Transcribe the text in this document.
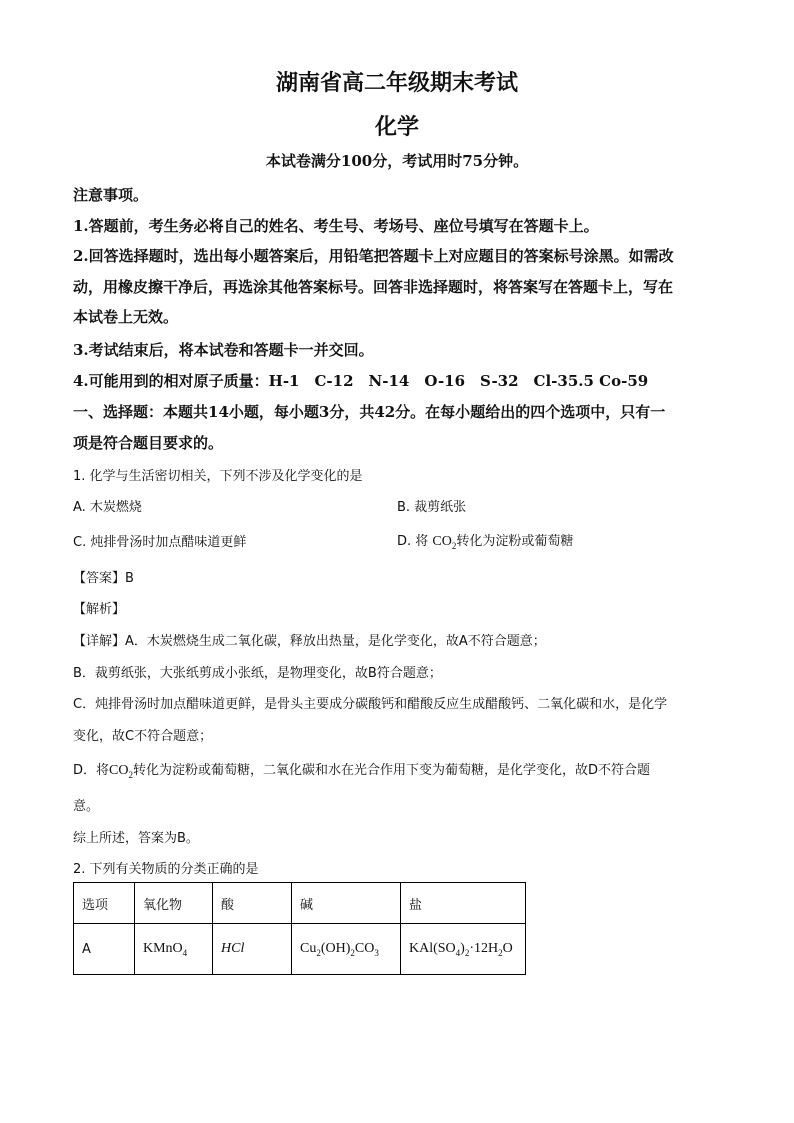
湖南省高二年级期末考试
化学
本试卷满分100分，考试用时75分钟。
注意事项。
1.答题前，考生务必将自己的姓名、考生号、考场号、座位号填写在答题卡上。
2.回答选择题时，选出每小题答案后，用铅笔把答题卡上对应题目的答案标号涂黑。如需改
动，用橡皮擦干净后，再选涂其他答案标号。回答非选择题时，将答案写在答题卡上，写在
本试卷上无效。
3.考试结束后，将本试卷和答题卡一并交回。
4.可能用到的相对原子质量：H-1　C-12　N-14　O-16　S-32　Cl-35.5 Co-59
一、选择题：本题共14小题，每小题3分，共42分。在每小题给出的四个选项中，只有一
项是符合题目要求的。
1. 化学与生活密切相关，下列不涉及化学变化的是
A. 木炭燃烧	B. 裁剪纸张
C. 炖排骨汤时加点醋味道更鲜	D. 将 $CO_2$转化为淀粉或葡萄糖
【答案】B
【解析】
【详解】A．木炭燃烧生成二氧化碳，释放出热量，是化学变化，故A不符合题意；
B．裁剪纸张，大张纸剪成小张纸，是物理变化，故B符合题意；
C．炖排骨汤时加点醋味道更鲜，是骨头主要成分碳酸钙和醋酸反应生成醋酸钙、二氧化碳和水，是化学
变化，故C不符合题意；
D．将$CO_2$转化为淀粉或葡萄糖，二氧化碳和水在光合作用下变为葡萄糖，是化学变化，故D不符合题
意。
综上所述，答案为B。
2. 下列有关物质的分类正确的是
选项	氧化物	酸	碱	盐
A	KMnO$_4$	HCl	$Cu_2(OH)_2CO_3$	$KAl(SO_4)_2\cdot 12H_2O$
